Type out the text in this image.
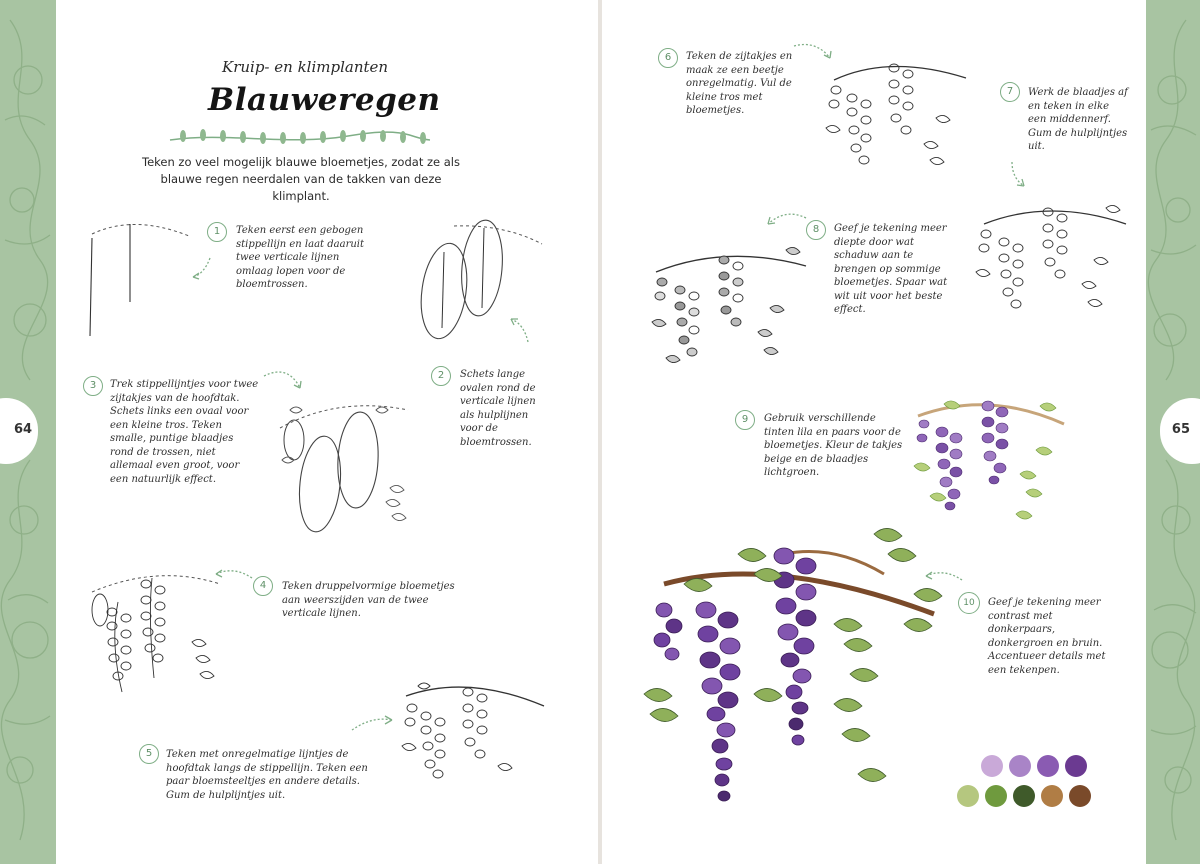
64
Kruip- en klimplanten
Blauweregen
Teken zo veel mogelijk blauwe bloemetjes, zodat ze als blauwe regen neerdalen van de takken van deze klimplant.
1	Teken eerst een gebogen stippellijn en laat daaruit twee verticale lijnen omlaag lopen voor de bloemtrossen.
2	Schets lange ovalen rond de verticale lijnen als hulplijnen voor de bloemtrossen.
3	Trek stippellijntjes voor twee zijtakjes van de hoofdtak. Schets links een ovaal voor een kleine tros. Teken smalle, puntige blaadjes rond de trossen, niet allemaal even groot, voor een natuurlijk effect.
4	Teken druppelvormige bloemetjes aan weerszijden van de twee verticale lijnen.
5	Teken met onregelmatige lijntjes de hoofdtak langs de stippellijn. Teken een paar bloemsteeltjes en andere details. Gum de hulplijntjes uit.
65
6	Teken de zijtakjes en maak ze een beetje onregelmatig. Vul de kleine tros met bloemetjes.
7	Werk de blaadjes af en teken in elke een middennerf. Gum de hulplijntjes uit.
8	Geef je tekening meer diepte door wat schaduw aan te brengen op sommige bloemetjes. Spaar wat wit uit voor het beste effect.
9	Gebruik verschillende tinten lila en paars voor de bloemetjes. Kleur de takjes beige en de blaadjes lichtgroen.
10	Geef je tekening meer contrast met donkerpaars, donkergroen en bruin. Accentueer details met een tekenpen.
